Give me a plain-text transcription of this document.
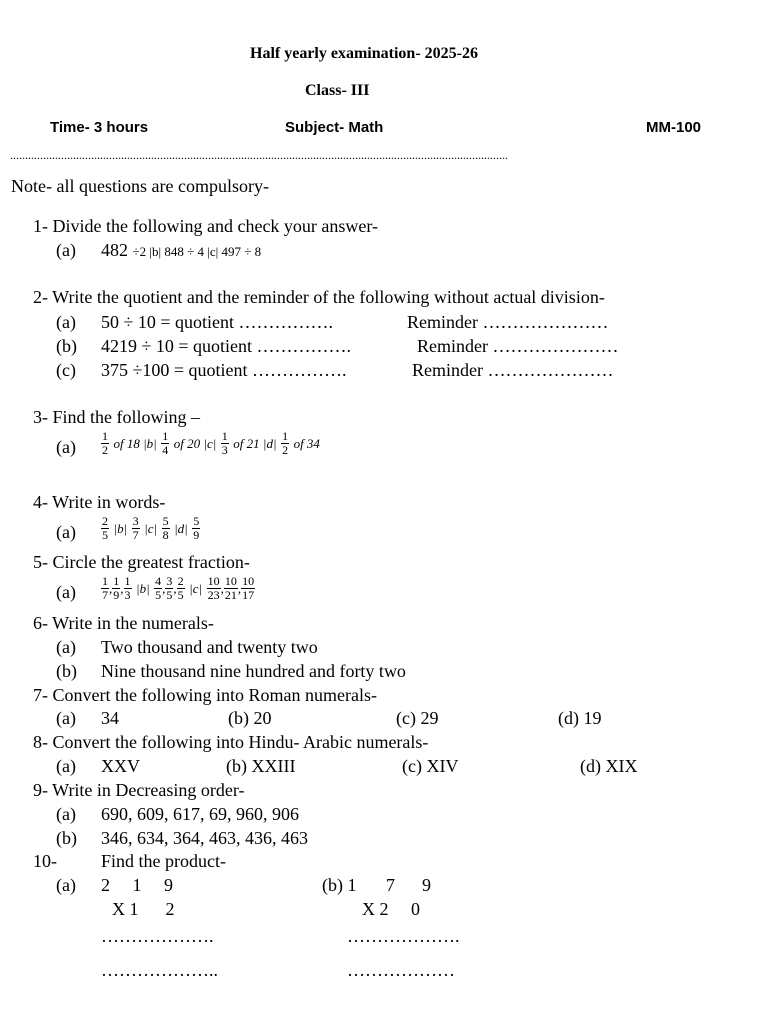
Half yearly examination- 2025-26
Class- III
Time- 3 hours	Subject- Math	MM-100
......................................................................................................................................................................
Note- all questions are compulsory-
1- Divide the following and check your answer-
(a) 482 ÷2 |b| 848 ÷ 4 |c| 497 ÷ 8
2- Write the quotient and the reminder of the following without actual division-
(a) 50 ÷ 10 = quotient …………….	Reminder …………………
(b) 4219 ÷ 10 = quotient …………….	Reminder …………………
(c) 375 ÷100 = quotient …………….	Reminder …………………
3- Find the following –
$(a) \frac{1}{2}$ of 18 $|b| \frac{1}{4}$ of 20 $|c| \frac{1}{3}$ of 21 $|d| \frac{1}{2}$ of 34
4- Write in words-
$(a) \frac{2}{5} |b| \frac{3}{7} |c| \frac{5}{8} |d| \frac{5}{9}$
5- Circle the greatest fraction-
$(a) \frac{1}{7}$ , $\frac{1}{9}$ , $\frac{1}{3} |b| \frac{4}{5}$ , $\frac{3}{5}$ , $\frac{2}{5} |c| \frac{10}{23}$ , $\frac{10}{21}$ , $\frac{10}{17}$
6- Write in the numerals-
(a) Two thousand and twenty two
(b) Nine thousand nine hundred and forty two
7- Convert the following into Roman numerals-
(a) 34	(b) 20	(c) 29	(d) 19
8- Convert the following into Hindu- Arabic numerals-
(a) XXV	(b) XXIII	(c) XIV	(d) XIX
9- Write in Decreasing order-
(a) 690, 609, 617, 69, 960, 906
(b) 346, 634, 364, 463, 436, 463
10- Find the product-
(a) 2     1     9
X 1      2
……………….
………………..
(b) 1 7      9
X 2     0
……………….
………………
